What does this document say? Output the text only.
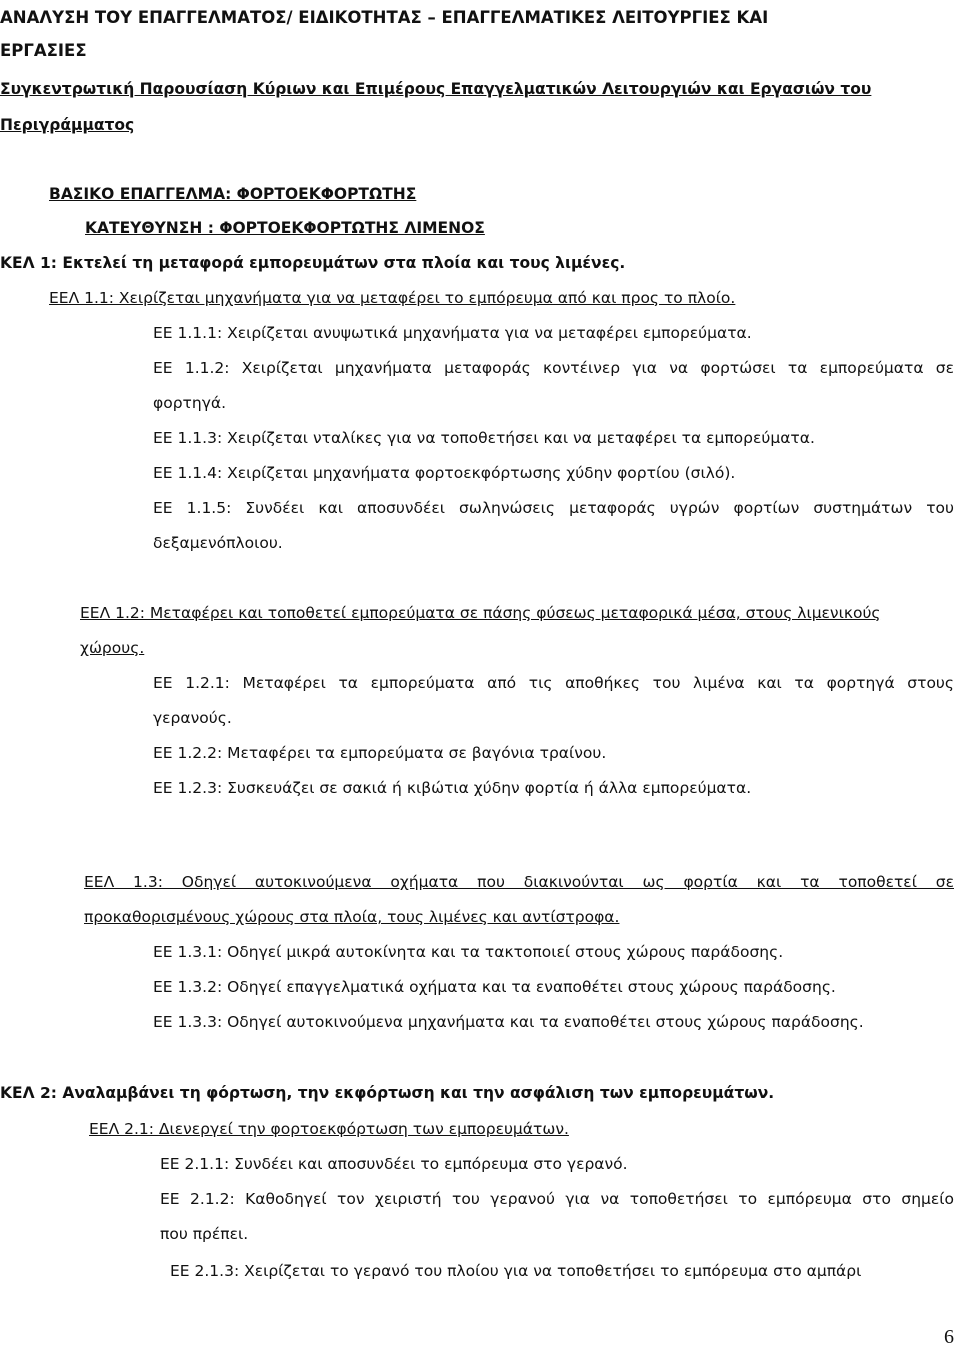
ΑΝΑΛΥΣΗ ΤΟΥ ΕΠΑΓΓΕΛΜΑΤΟΣ/ ΕΙΔΙΚΟΤΗΤΑΣ – ΕΠΑΓΓΕΛΜΑΤΙΚΕΣ ΛΕΙΤΟΥΡΓΙΕΣ ΚΑΙ
ΕΡΓΑΣΙΕΣ
Συγκεντρωτική Παρουσίαση Κύριων και Επιμέρους Επαγγελματικών Λειτουργιών και Εργασιών του
Περιγράμματος
ΒΑΣΙΚΟ ΕΠΑΓΓΕΛΜΑ: ΦΟΡΤΟΕΚΦΟΡΤΩΤΗΣ
ΚΑΤΕΥΘΥΝΣΗ : ΦΟΡΤΟΕΚΦΟΡΤΩΤΗΣ ΛΙΜΕΝΟΣ
ΚΕΛ 1: Εκτελεί τη μεταφορά εμπορευμάτων στα πλοία και τους λιμένες.
ΕΕΛ 1.1: Χειρίζεται μηχανήματα για να μεταφέρει το εμπόρευμα από και προς το πλοίο.
ΕΕ 1.1.1: Χειρίζεται ανυψωτικά μηχανήματα για να μεταφέρει εμπορεύματα.
ΕΕ 1.1.2: Χειρίζεται μηχανήματα μεταφοράς κοντέινερ για να φορτώσει τα εμπορεύματα σε
φορτηγά.
ΕΕ 1.1.3: Χειρίζεται νταλίκες για να τοποθετήσει και να μεταφέρει τα εμπορεύματα.
ΕΕ 1.1.4: Χειρίζεται μηχανήματα φορτοεκφόρτωσης χύδην φορτίου (σιλό).
ΕΕ 1.1.5: Συνδέει και αποσυνδέει σωληνώσεις μεταφοράς υγρών φορτίων συστημάτων του
δεξαμενόπλοιου.
ΕΕΛ 1.2: Μεταφέρει και τοποθετεί εμπορεύματα σε πάσης φύσεως μεταφορικά μέσα, στους λιμενικούς
χώρους.
ΕΕ 1.2.1: Μεταφέρει τα εμπορεύματα από τις αποθήκες του λιμένα και τα φορτηγά στους
γερανούς.
ΕΕ 1.2.2: Μεταφέρει τα εμπορεύματα σε βαγόνια τραίνου.
ΕΕ 1.2.3: Συσκευάζει σε σακιά ή κιβώτια χύδην φορτία ή άλλα εμπορεύματα.
ΕΕΛ 1.3: Οδηγεί αυτοκινούμενα οχήματα που διακινούνται ως φορτία και τα τοποθετεί σε
προκαθορισμένους χώρους στα πλοία, τους λιμένες και αντίστροφα.
ΕΕ 1.3.1: Οδηγεί μικρά αυτοκίνητα και τα τακτοποιεί στους χώρους παράδοσης.
ΕΕ 1.3.2: Οδηγεί επαγγελματικά οχήματα και τα εναποθέτει στους χώρους παράδοσης.
ΕΕ 1.3.3: Οδηγεί αυτοκινούμενα μηχανήματα και τα εναποθέτει στους χώρους παράδοσης.
ΚΕΛ 2: Αναλαμβάνει τη φόρτωση, την εκφόρτωση και την ασφάλιση των εμπορευμάτων.
ΕΕΛ 2.1: Διενεργεί την φορτοεκφόρτωση των εμπορευμάτων.
ΕΕ 2.1.1: Συνδέει και αποσυνδέει το εμπόρευμα στο γερανό.
ΕΕ 2.1.2: Καθοδηγεί τον χειριστή του γερανού για να τοποθετήσει το εμπόρευμα στο σημείο
που πρέπει.
ΕΕ 2.1.3: Χειρίζεται το γερανό του πλοίου για να τοποθετήσει το εμπόρευμα στο αμπάρι
6
